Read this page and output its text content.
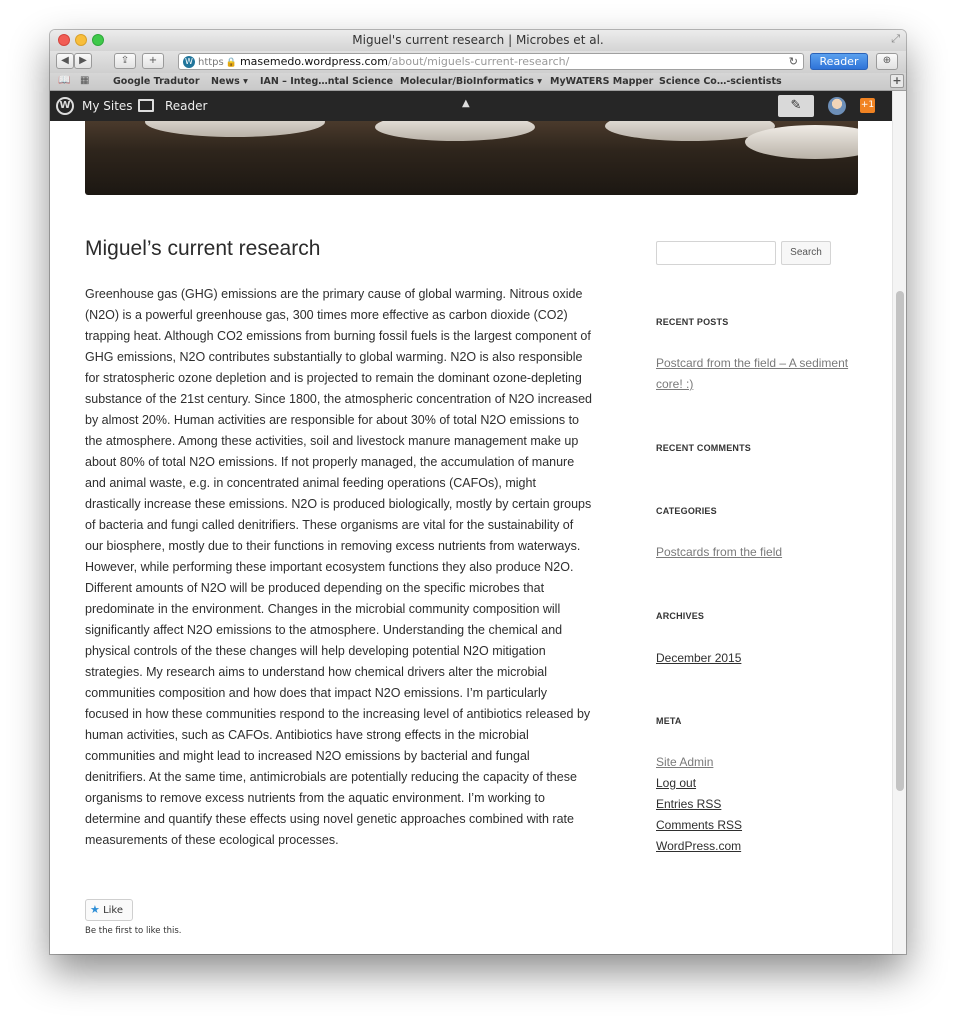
Miguel's current research | Microbes et al.	⤢
◀	▶	⇪	+	W https 🔒 masemedo.wordpress.com/about/miguels-current-research/	↻	Reader	⊕
📖 ▦ Google Tradutor News ▾ IAN – Integ…ntal Science Molecular/BioInformatics ▾ MyWATERS Mapper Science Co…-scientists	+
W My Sites	Reader	▲	✎	+1
Miguel’s current research

Greenhouse gas (GHG) emissions are the primary cause of global warming. Nitrous oxide (N2O) is a powerful greenhouse gas, 300 times more effective as carbon dioxide (CO2) trapping heat. Although CO2 emissions from burning fossil fuels is the largest component of GHG emissions, N2O contributes substantially to global warming. N2O is also responsible for stratospheric ozone depletion and is projected to remain the dominant ozone-depleting substance of the 21st century. Since 1800, the atmospheric concentration of N2O increased by almost 20%. Human activities are responsible for about 30% of total N2O emissions to the atmosphere. Among these activities, soil and livestock manure management make up about 80% of total N2O emissions. If not properly managed, the accumulation of manure and animal waste, e.g. in concentrated animal feeding operations (CAFOs), might drastically increase these emissions. N2O is produced biologically, mostly by certain groups of bacteria and fungi called denitrifiers. These organisms are vital for the sustainability of our biosphere, mostly due to their functions in removing excess nutrients from waterways. However, while performing these important ecosystem functions they also produce N2O. Different amounts of N2O will be produced depending on the specific microbes that predominate in the environment. Changes in the microbial community composition will significantly affect N2O emissions to the atmosphere. Understanding the chemical and physical controls of the these changes will help developing potential N2O mitigation strategies. My research aims to understand how chemical drivers alter the microbial communities composition and how does that impact N2O emissions. I’m particularly focused in how these communities respond to the increasing level of antibiotics released by human activities, such as CAFOs. Antibiotics have strong effects in the microbial communities and might lead to increased N2O emissions by bacterial and fungal denitrifiers. At the same time, antimicrobials are potentially reducing the capacity of these organisms to remove excess nutrients from the aquatic environment. I’m working to determine and quantify these effects using novel genetic approaches combined with rate measurements of these ecological processes.

★ Like
Be the first to like this.
Search
RECENT POSTS
Postcard from the field – A sediment core! :)
RECENT COMMENTS
CATEGORIES
Postcards from the field
ARCHIVES
December 2015
META
Site Admin
Log out
Entries RSS
Comments RSS
WordPress.com
